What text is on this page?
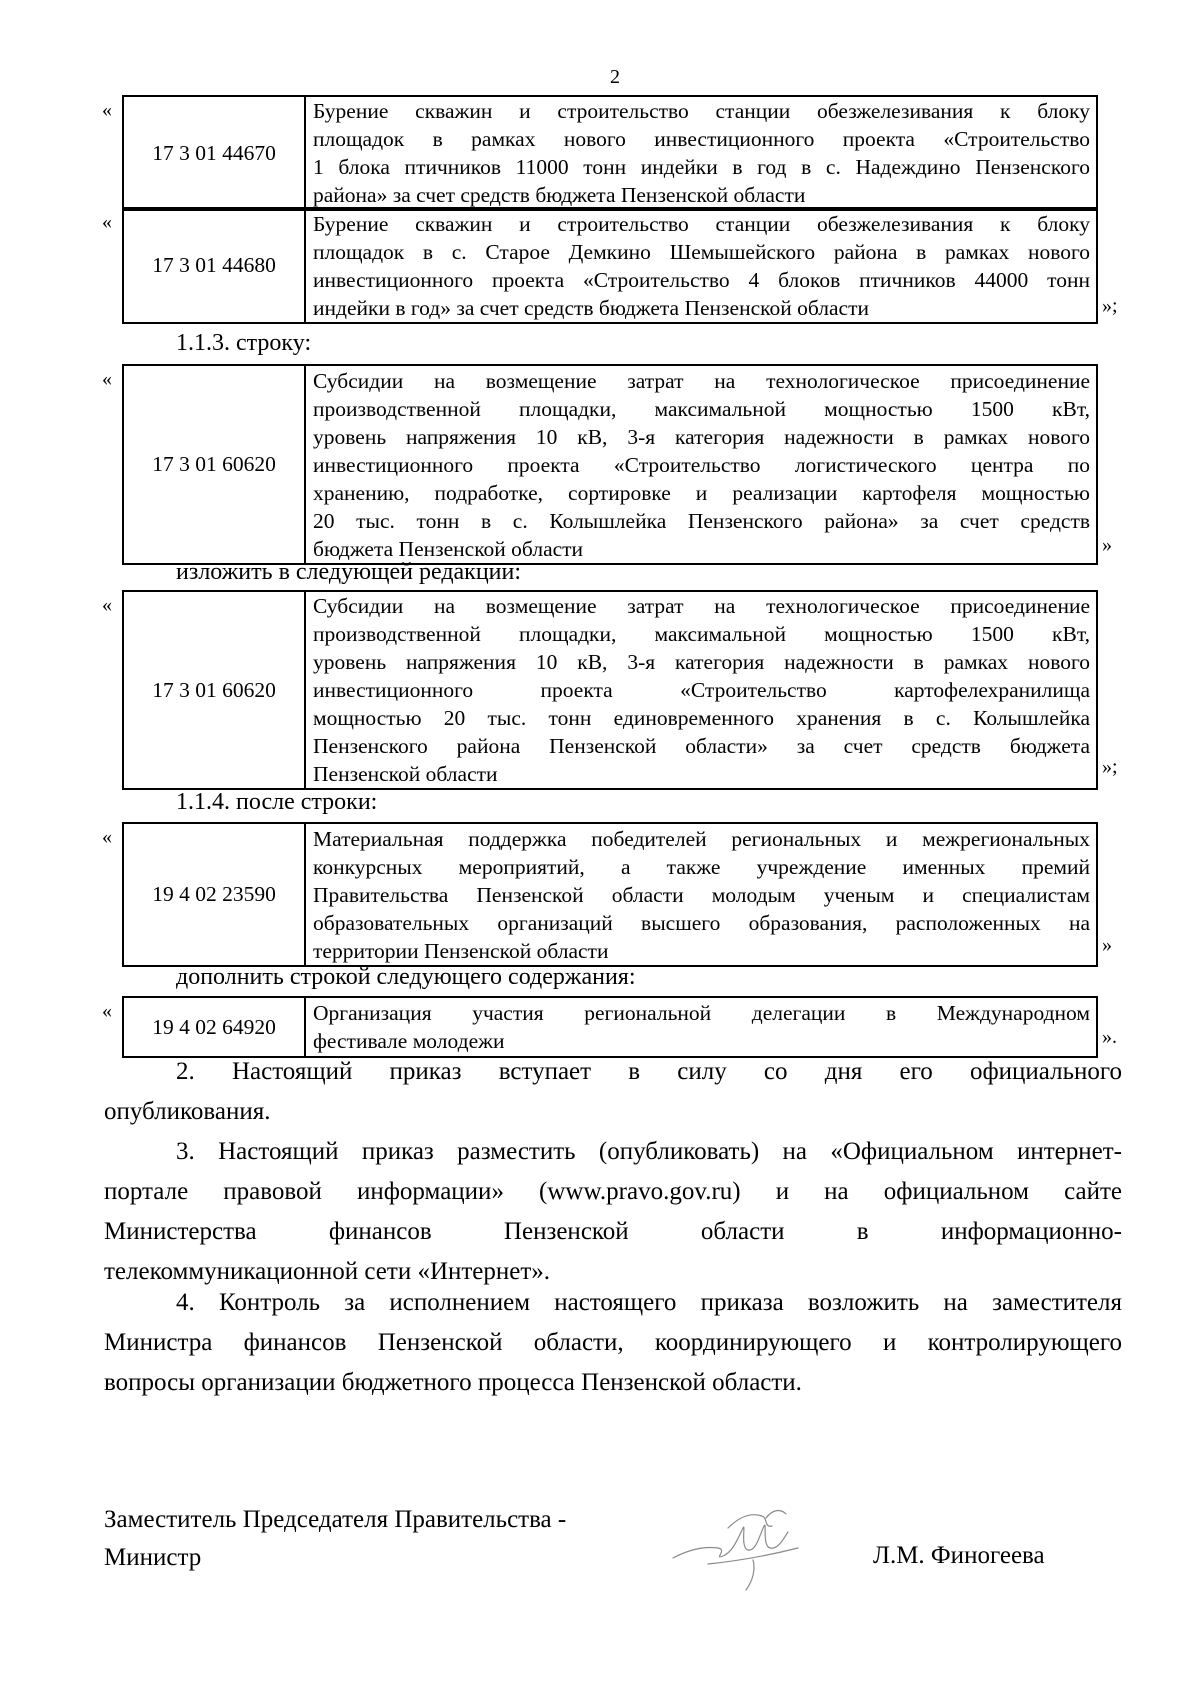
2
«
17 3 01 44670	
Бурение скважин и строительство станции обезжелезивания к блоку
площадок в рамках нового инвестиционного проекта «Строительство
1 блока птичников 11000 тонн индейки в год в с. Надеждино Пензенского
района» за счет средств бюджета Пензенской области
«
17 3 01 44680	
Бурение скважин и строительство станции обезжелезивания к блоку
площадок в с. Старое Демкино Шемышейского района в рамках нового
инвестиционного проекта «Строительство 4 блоков птичников 44000 тонн
индейки в год» за счет средств бюджета Пензенской области	»;
1.1.3. строку:
«
17 3 01 60620	
Субсидии на возмещение затрат на технологическое присоединение
производственной площадки, максимальной мощностью 1500 кВт,
уровень напряжения 10 кВ, 3-я категория надежности в рамках нового
инвестиционного проекта «Строительство логистического центра по
хранению, подработке, сортировке и реализации картофеля мощностью
20 тыс. тонн в с. Колышлейка Пензенского района» за счет средств
бюджета Пензенской области	»
изложить в следующей редакции:
«
17 3 01 60620	
Субсидии на возмещение затрат на технологическое присоединение
производственной площадки, максимальной мощностью 1500 кВт,
уровень напряжения 10 кВ, 3-я категория надежности в рамках нового
инвестиционного проекта «Строительство картофелехранилища
мощностью 20 тыс. тонн единовременного хранения в с. Колышлейка
Пензенского района Пензенской области» за счет средств бюджета
Пензенской области	»;
1.1.4. после строки:
«
19 4 02 23590	
Материальная поддержка победителей региональных и межрегиональных
конкурсных мероприятий, а также учреждение именных премий
Правительства Пензенской области молодым ученым и специалистам
образовательных организаций высшего образования, расположенных на
территории Пензенской области	»
дополнить строкой следующего содержания:
«
19 4 02 64920	
Организация участия региональной делегации в Международном
фестивале молодежи	».
2. Настоящий приказ вступает в силу со дня его официального
опубликования.
3. Настоящий приказ разместить (опубликовать) на «Официальном интернет-
портале правовой информации» (www.pravo.gov.ru) и на официальном сайте
Министерства финансов Пензенской области в информационно-
телекоммуникационной сети «Интернет».
4. Контроль за исполнением настоящего приказа возложить на заместителя
Министра финансов Пензенской области, координирующего и контролирующего
вопросы организации бюджетного процесса Пензенской области.
Заместитель Председателя Правительства -
Министр	Л.М. Финогеева
